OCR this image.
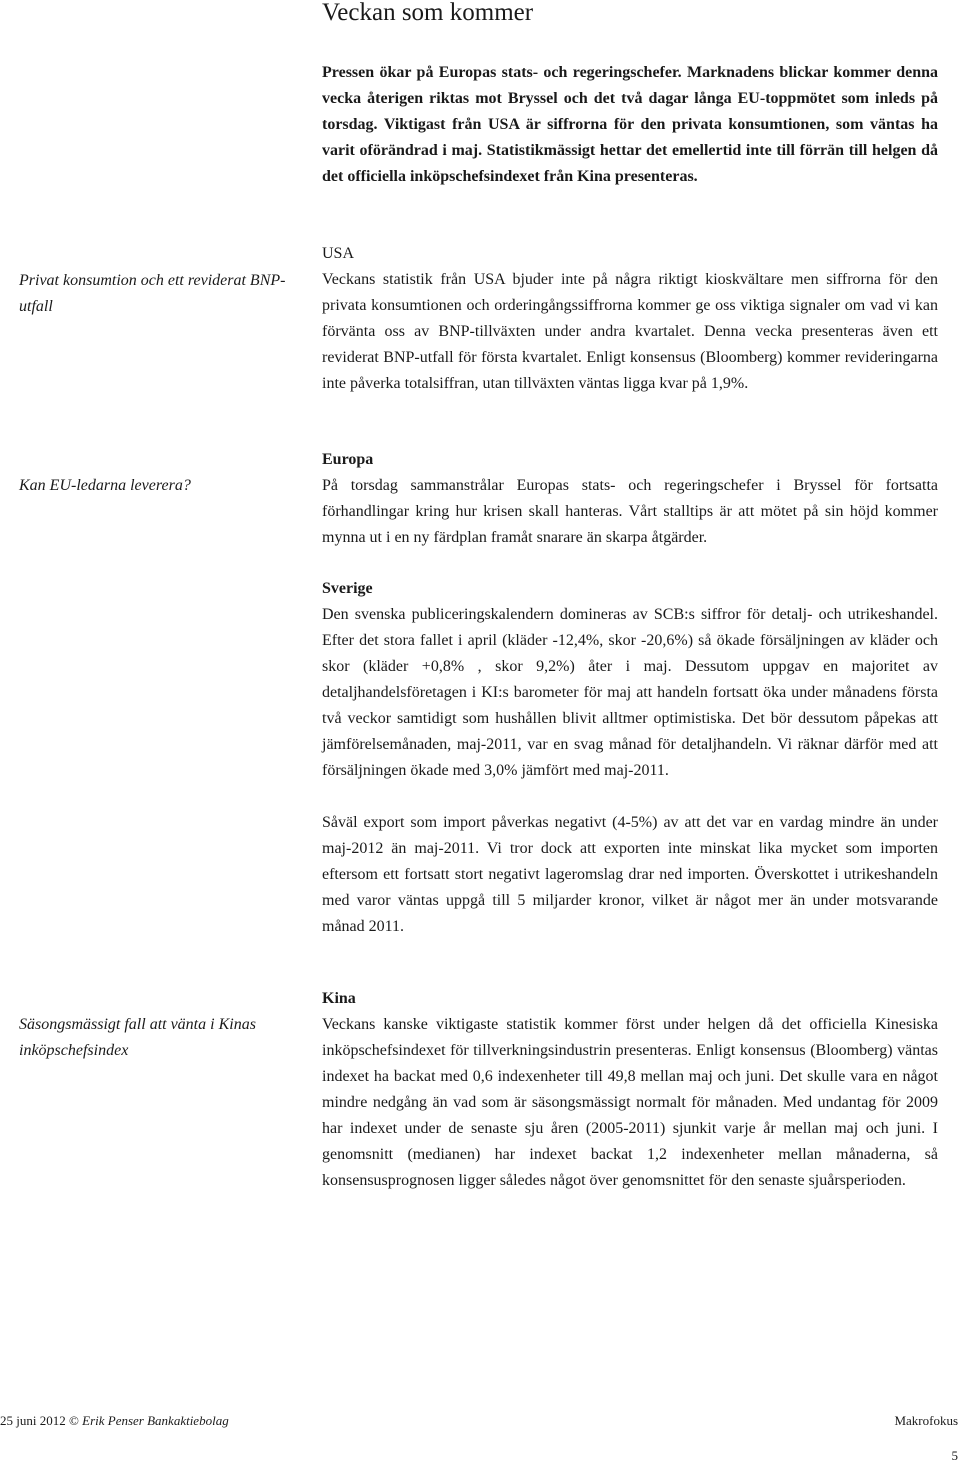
Veckan som kommer

Pressen ökar på Europas stats- och regeringschefer. Marknadens blickar kommer denna vecka återigen riktas mot Bryssel och det två dagar långa EU-toppmötet som inleds på torsdag. Viktigast från USA är siffrorna för den privata konsumtionen, som väntas ha varit oförändrad i maj. Statistikmässigt hettar det emellertid inte till förrän till helgen då det officiella inköpschefsindexet från Kina presenteras.

Privat konsumtion och ett reviderat BNP-utfall

Kan EU-ledarna leverera?

Säsongsmässigt fall att vänta i Kinas inköpschefsindex

USA

Veckans statistik från USA bjuder inte på några riktigt kioskvältare men siffrorna för den privata konsumtionen och orderingångssiffrorna kommer ge oss viktiga signaler om vad vi kan förvänta oss av BNP-tillväxten under andra kvartalet. Denna vecka presenteras även ett reviderat BNP-utfall för första kvartalet. Enligt konsensus (Bloomberg) kommer revideringarna inte påverka totalsiffran, utan tillväxten väntas ligga kvar på 1,9%.

Europa

På torsdag sammanstrålar Europas stats- och regeringschefer i Bryssel för fortsatta förhandlingar kring hur krisen skall hanteras. Vårt stalltips är att mötet på sin höjd kommer mynna ut i en ny färdplan framåt snarare än skarpa åtgärder.

Sverige

Den svenska publiceringskalendern domineras av SCB:s siffror för detalj- och utrikeshandel. Efter det stora fallet i april (kläder -12,4%, skor -20,6%) så ökade försäljningen av kläder och skor (kläder +0,8% , skor 9,2%) åter i maj. Dessutom uppgav en majoritet av detaljhandelsföretagen i KI:s barometer för maj att handeln fortsatt öka under månadens första två veckor samtidigt som hushållen blivit alltmer optimistiska. Det bör dessutom påpekas att jämförelsemånaden, maj-2011, var en svag månad för detaljhandeln. Vi räknar därför med att försäljningen ökade med 3,0% jämfört med maj-2011.

Såväl export som import påverkas negativt (4-5%) av att det var en vardag mindre än under maj-2012 än maj-2011. Vi tror dock att exporten inte minskat lika mycket som importen eftersom ett fortsatt stort negativt lageromslag drar ned importen. Överskottet i utrikeshandeln med varor väntas uppgå till 5 miljarder kronor, vilket är något mer än under motsvarande månad 2011.

Kina

Veckans kanske viktigaste statistik kommer först under helgen då det officiella Kinesiska inköpschefsindexet för tillverkningsindustrin presenteras. Enligt konsensus (Bloomberg) väntas indexet ha backat med 0,6 indexenheter till 49,8 mellan maj och juni. Det skulle vara en något mindre nedgång än vad som är säsongsmässigt normalt för månaden. Med undantag för 2009 har indexet under de senaste sju åren (2005-2011) sjunkit varje år mellan maj och juni. I genomsnitt (medianen) har indexet backat 1,2 indexenheter mellan månaderna, så konsensusprognosen ligger således något över genomsnittet för den senaste sjuårsperioden.

25 juni 2012 © Erik Penser Bankaktiebolag	Makrofokus
5
